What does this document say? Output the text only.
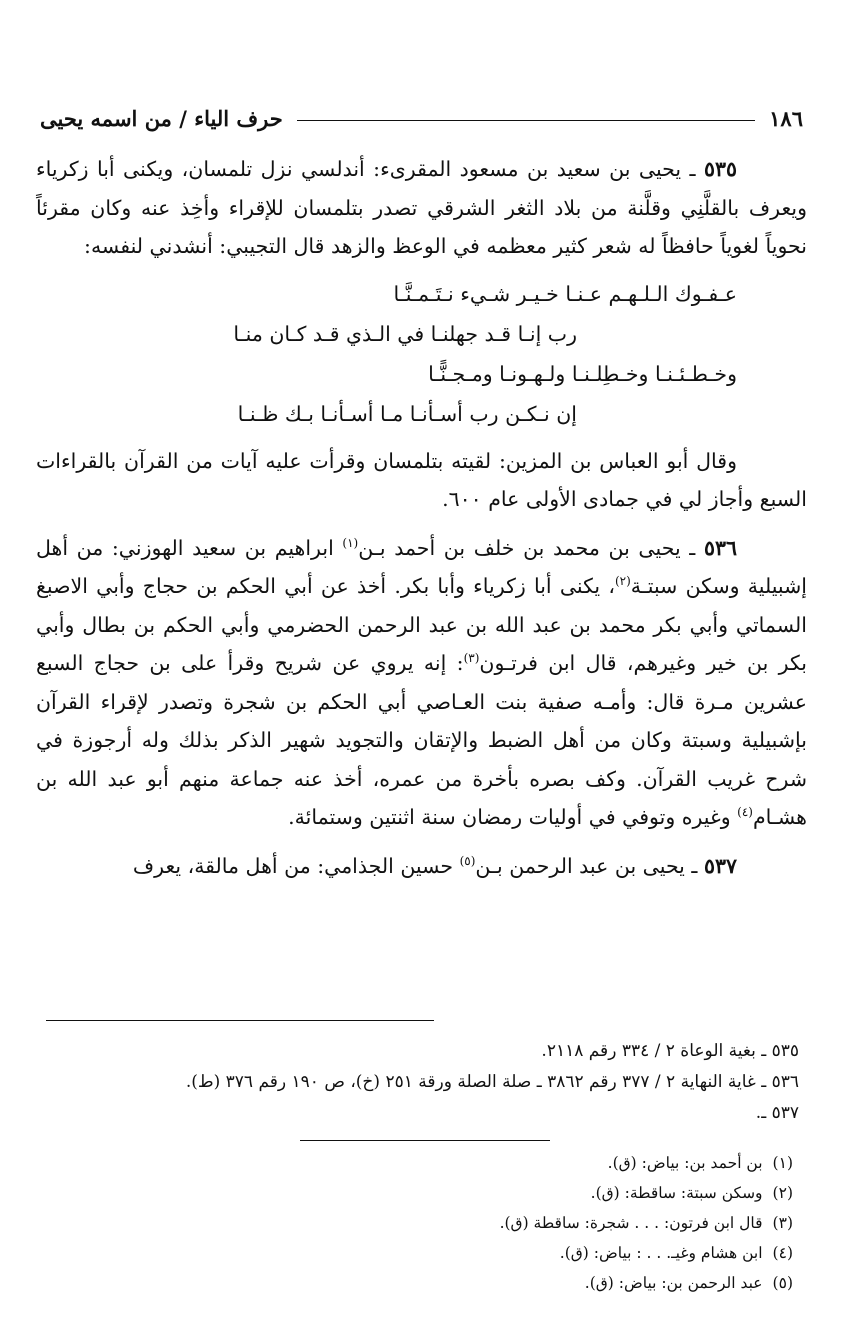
١٨٦
حرف الياء / من اسمه يحيى

٥٣٥ ـ يحيى بن سعيد بن مسعود المقرىء: أندلسي نزل تلمسان، ويكنى أبا زكرياء ويعرف بالقلَّنِي وقلَّنة من بلاد الثغر الشرقي تصدر بتلمسان للإقراء وأخِذ عنه وكان مقرئاً نحوياً لغوياً حافظاً له شعر كثير معظمه في الوعظ والزهد قال التجيبي: أنشدني لنفسه:

عـفـوك الـلـهـم عـنـا خـيـر شـيء نـتَـمـنَّـا
رب إنـا قـد جهلنـا في الـذي قـد كـان منـا
وخـطـئـنـا وخـطِلـنـا ولـهـونـا ومـجـنًّـا
إن نـكـن رب أسـأنـا مـا أسـأنـا بـك ظـنـا

وقال أبو العباس بن المزين: لقيته بتلمسان وقرأت عليه آيات من القرآن بالقراءات السبع وأجاز لي في جمادى الأولى عام ٦٠٠.

٥٣٦ ـ يحيى بن محمد بن خلف بن أحمد بـن$^{(١)}$ ابراهيم بن سعيد الهوزني: من أهل إشبيلية وسكن سبتـة$^{(٢)}$، يكنى أبا زكرياء وأبا بكر. أخذ عن أبي الحكم بن حجاج وأبي الاصبغ السماتي وأبي بكر محمد بن عبد الله بن عبد الرحمن الحضرمي وأبي الحكم بن بطال وأبي بكر بن خير وغيرهم، قال ابن فرتـون$^{(٣)}$: إنه يروي عن شريح وقرأ على بن حجاج السبع عشرين مـرة قال: وأمـه صفية بنت العـاصي أبي الحكم بن شجرة وتصدر لإقراء القرآن بإشبيلية وسبتة وكان من أهل الضبط والإتقان والتجويد شهير الذكر بذلك وله أرجوزة في شرح غريب القرآن. وكف بصره بأخرة من عمره، أخذ عنه جماعة منهم أبو عبد الله بن هشـام$^{(٤)}$ وغيره وتوفي في أوليات رمضان سنة اثنتين وستمائة.

٥٣٧ ـ يحيى بن عبد الرحمن بـن$^{(٥)}$ حسين الجذامي: من أهل مالقة، يعرف

٥٣٥ ـ بغية الوعاة ٢ / ٣٣٤ رقم ٢١١٨.

٥٣٦ ـ غاية النهاية ٢ / ٣٧٧ رقم ٣٨٦٢ ـ صلة الصلة ورقة ٢٥١ (خ)، ص ١٩٠ رقم ٣٧٦ (ط).

٥٣٧ ـ.

(١)
بن أحمد بن: بياض: (ق).
(٢)
وسكن سبتة: ساقطة: (ق).
(٣)
قال ابن فرتون: . . . شجرة: ساقطة (ق).
(٤)
ابن هشام وغيـ. . . : بياض: (ق).
(٥)
عبد الرحمن بن: بياض: (ق).
